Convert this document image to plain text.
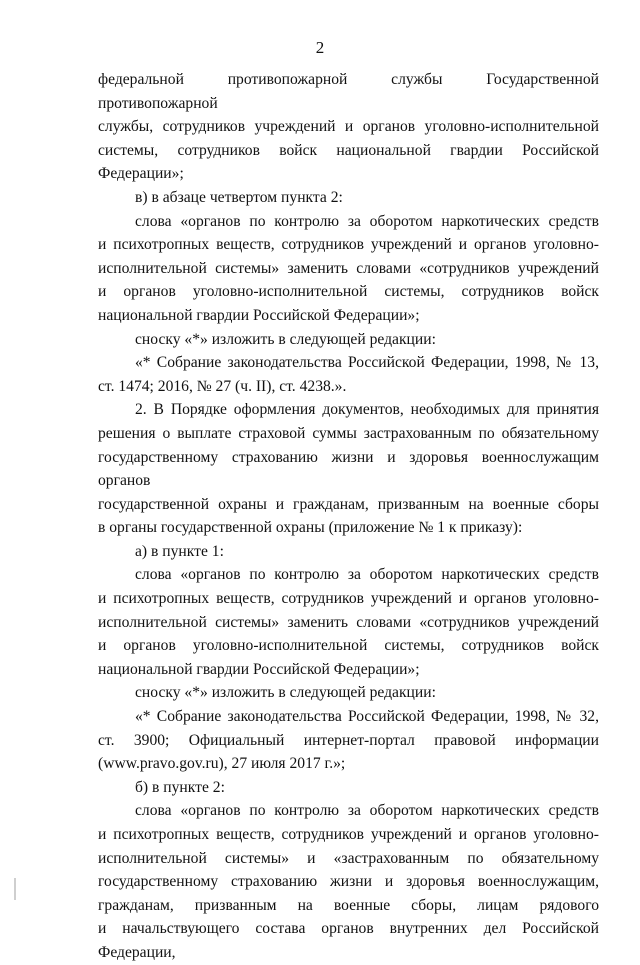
2
федеральной противопожарной службы Государственной противопожарной
службы, сотрудников учреждений и органов уголовно-исполнительной
системы, сотрудников войск национальной гвардии Российской Федерации»;
в) в абзаце четвертом пункта 2:
слова «органов по контролю за оборотом наркотических средств
и психотропных веществ, сотрудников учреждений и органов уголовно-
исполнительной системы» заменить словами «сотрудников учреждений
и органов уголовно-исполнительной системы, сотрудников войск
национальной гвардии Российской Федерации»;
сноску «*» изложить в следующей редакции:
«* Собрание законодательства Российской Федерации, 1998, № 13,
ст. 1474; 2016, № 27 (ч. II), ст. 4238.».
2. В Порядке оформления документов, необходимых для принятия
решения о выплате страховой суммы застрахованным по обязательному
государственному страхованию жизни и здоровья военнослужащим органов
государственной охраны и гражданам, призванным на военные сборы
в органы государственной охраны (приложение № 1 к приказу):
а) в пункте 1:
слова «органов по контролю за оборотом наркотических средств
и психотропных веществ, сотрудников учреждений и органов уголовно-
исполнительной системы» заменить словами «сотрудников учреждений
и органов уголовно-исполнительной системы, сотрудников войск
национальной гвардии Российской Федерации»;
сноску «*» изложить в следующей редакции:
«* Собрание законодательства Российской Федерации, 1998, № 32,
ст. 3900; Официальный интернет-портал правовой информации
(www.pravo.gov.ru), 27 июля 2017 г.»;
б) в пункте 2:
слова «органов по контролю за оборотом наркотических средств
и психотропных веществ, сотрудников учреждений и органов уголовно-
исполнительной системы» и «застрахованным по обязательному
государственному страхованию жизни и здоровья военнослужащим,
гражданам, призванным на военные сборы, лицам рядового
и начальствующего состава органов внутренних дел Российской Федерации,
